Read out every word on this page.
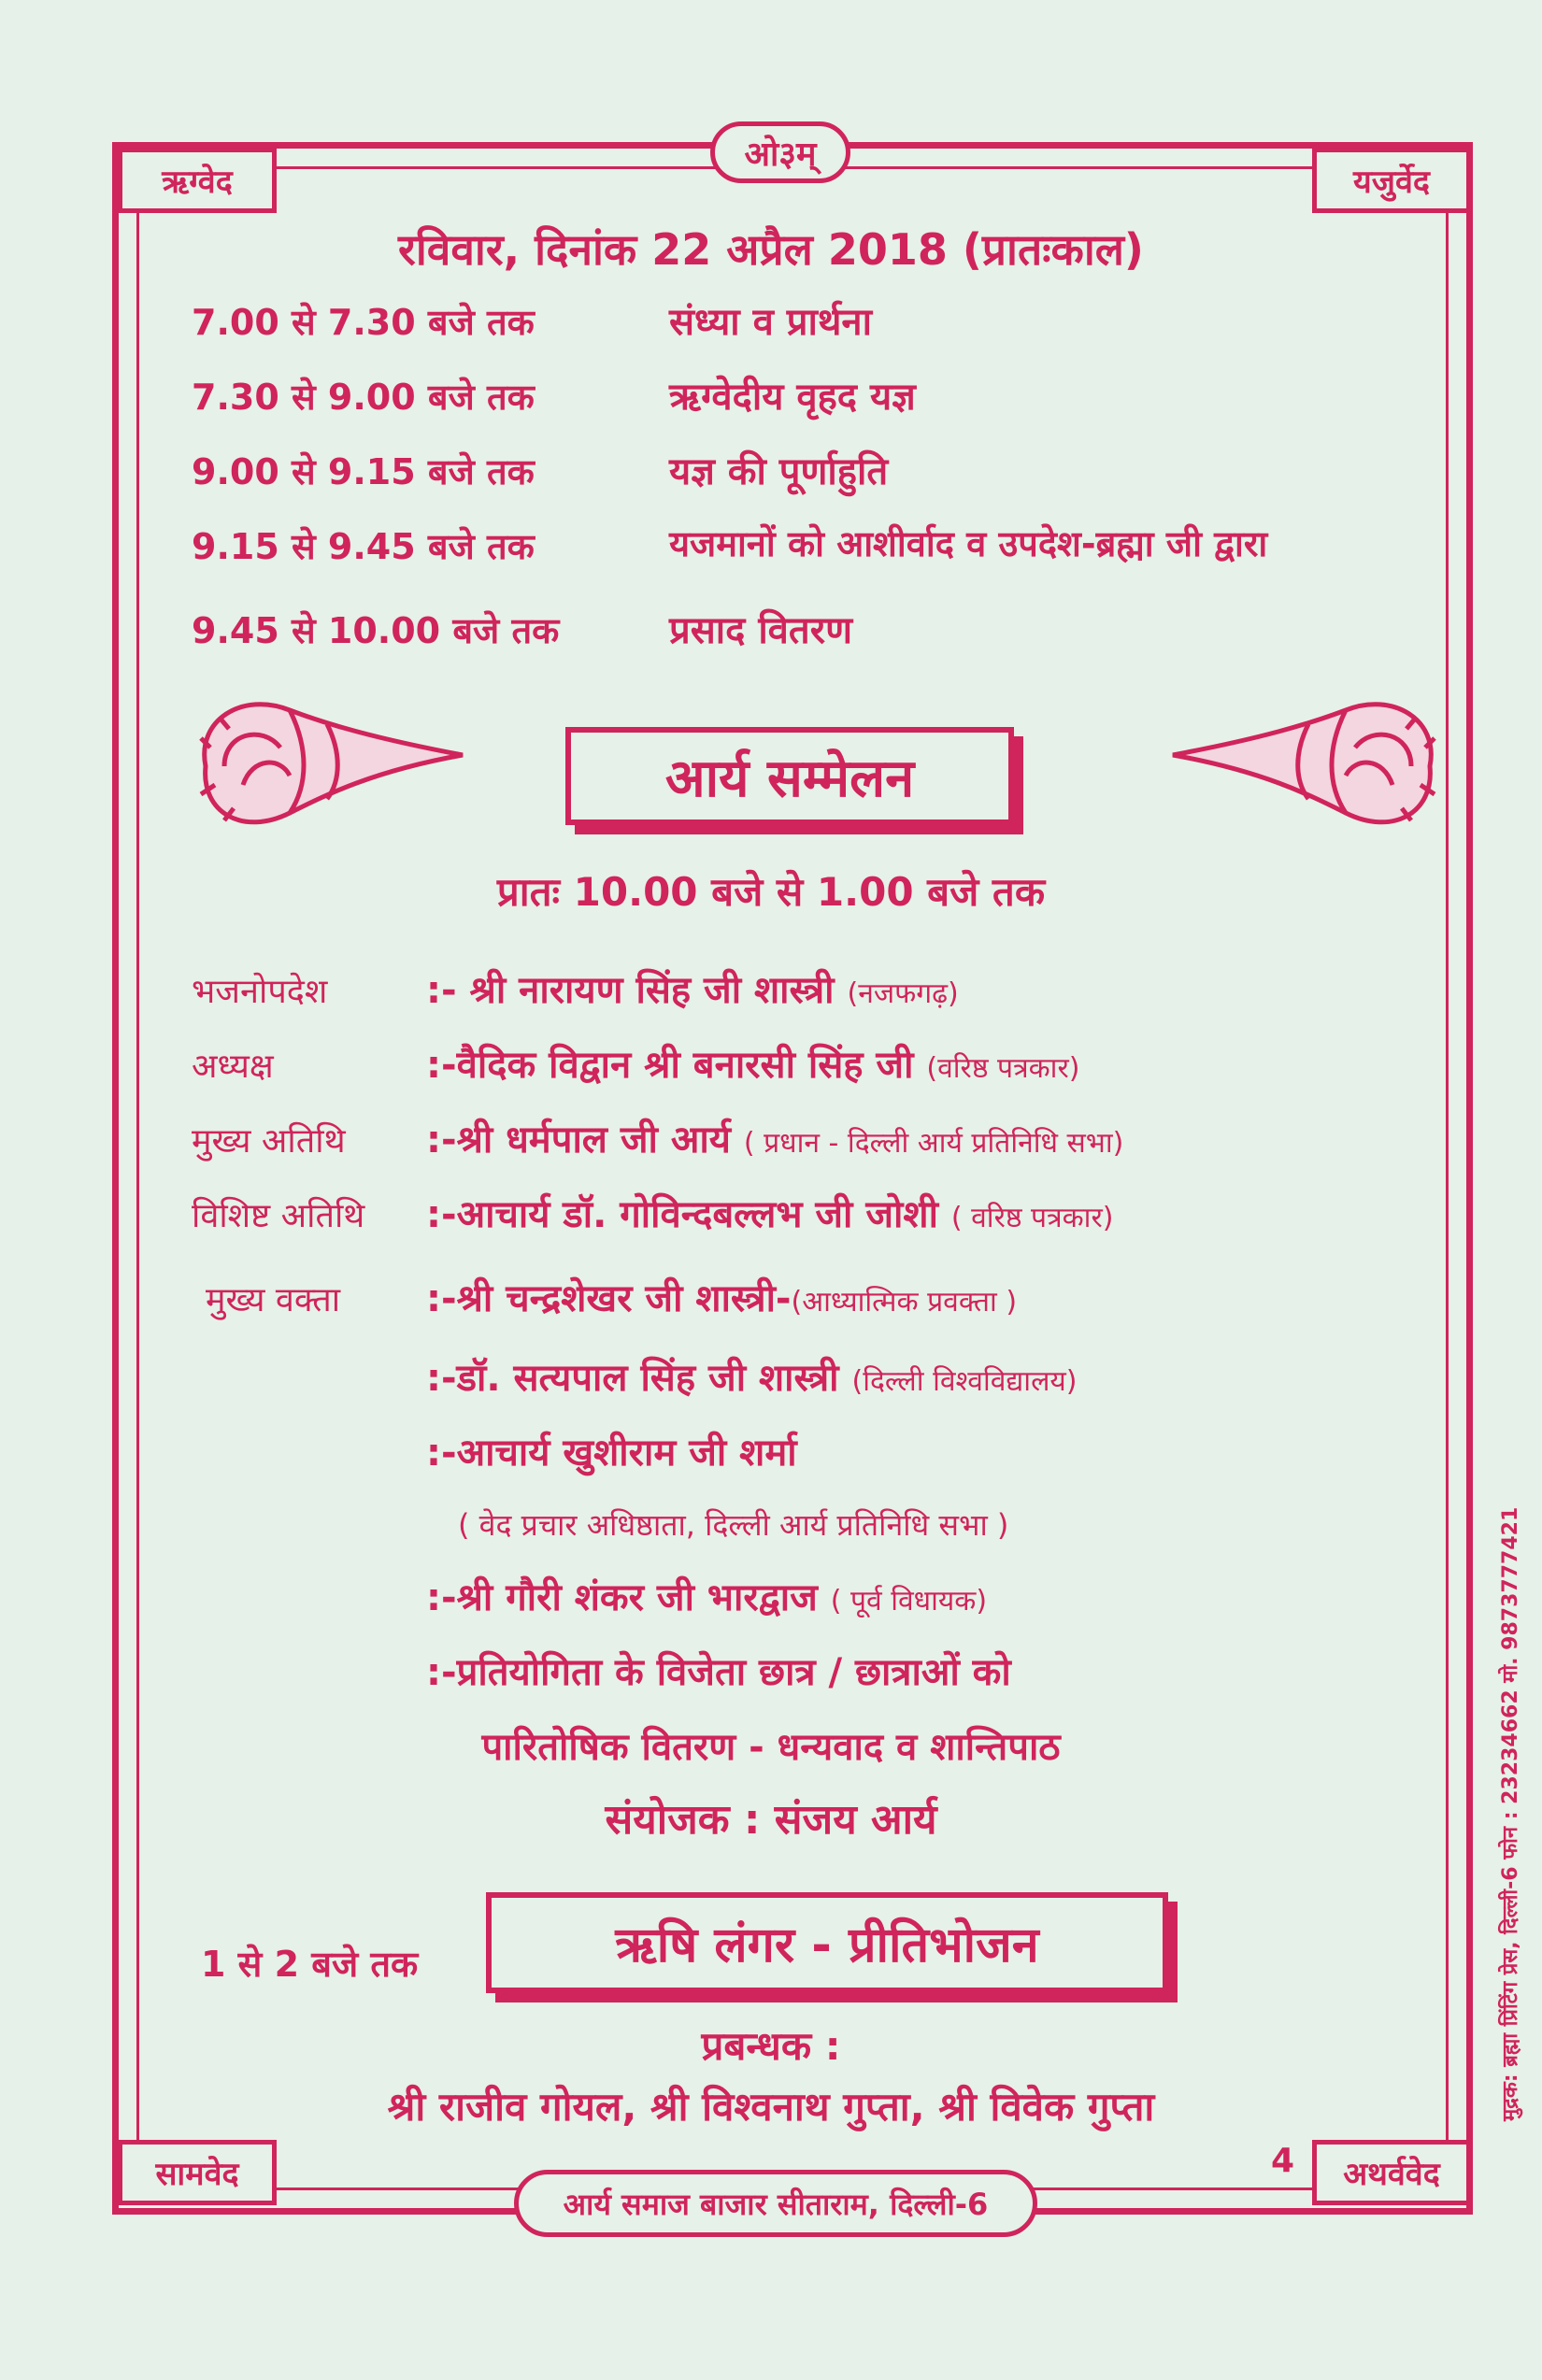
ऋग्वेद	यजुर्वेद
सामवेद	अथर्ववेद
ओ३म्
रविवार, दिनांक 22 अप्रैल 2018 (प्रातःकाल)
7.00 से 7.30 बजे तक	संध्या व प्रार्थना
7.30 से 9.00 बजे तक	ऋग्वेदीय वृहद यज्ञ
9.00 से 9.15 बजे तक	यज्ञ की पूर्णाहुति
9.15 से 9.45 बजे तक	यजमानों को आशीर्वाद व उपदेश-ब्रह्मा जी द्वारा
9.45 से 10.00 बजे तक	प्रसाद वितरण
आर्य सम्मेलन
प्रातः 10.00 बजे से 1.00 बजे तक
भजनोपदेश	:- श्री नारायण सिंह जी शास्त्री (नजफगढ़)
अध्यक्ष	:-वैदिक विद्वान श्री बनारसी सिंह जी (वरिष्ठ पत्रकार)
मुख्य अतिथि :-श्री धर्मपाल जी आर्य ( प्रधान - दिल्ली आर्य प्रतिनिधि सभा)
विशिष्ट अतिथि :-आचार्य डॉ. गोविन्दबल्लभ जी जोशी ( वरिष्ठ पत्रकार)
मुख्य वक्ता :-श्री चन्द्रशेखर जी शास्त्री-(आध्यात्मिक प्रवक्ता )
:-डॉ. सत्यपाल सिंह जी शास्त्री (दिल्ली विश्वविद्यालय)
:-आचार्य खुशीराम जी शर्मा
( वेद प्रचार अधिष्ठाता, दिल्ली आर्य प्रतिनिधि सभा )
:-श्री गौरी शंकर जी भारद्वाज ( पूर्व विधायक)
:-प्रतियोगिता के विजेता छात्र / छात्राओं को
पारितोषिक वितरण - धन्यवाद व शान्तिपाठ
संयोजक : संजय आर्य
1 से 2 बजे तक	ऋषि लंगर - प्रीतिभोजन
प्रबन्धक :
श्री राजीव गोयल, श्री विश्वनाथ गुप्ता, श्री विवेक गुप्ता
4
आर्य समाज बाजार सीताराम, दिल्ली-6
मुद्रक: ब्रह्मा प्रिंटिंग प्रेस, दिल्ली-6 फोन : 23234662 मो. 9873777421
